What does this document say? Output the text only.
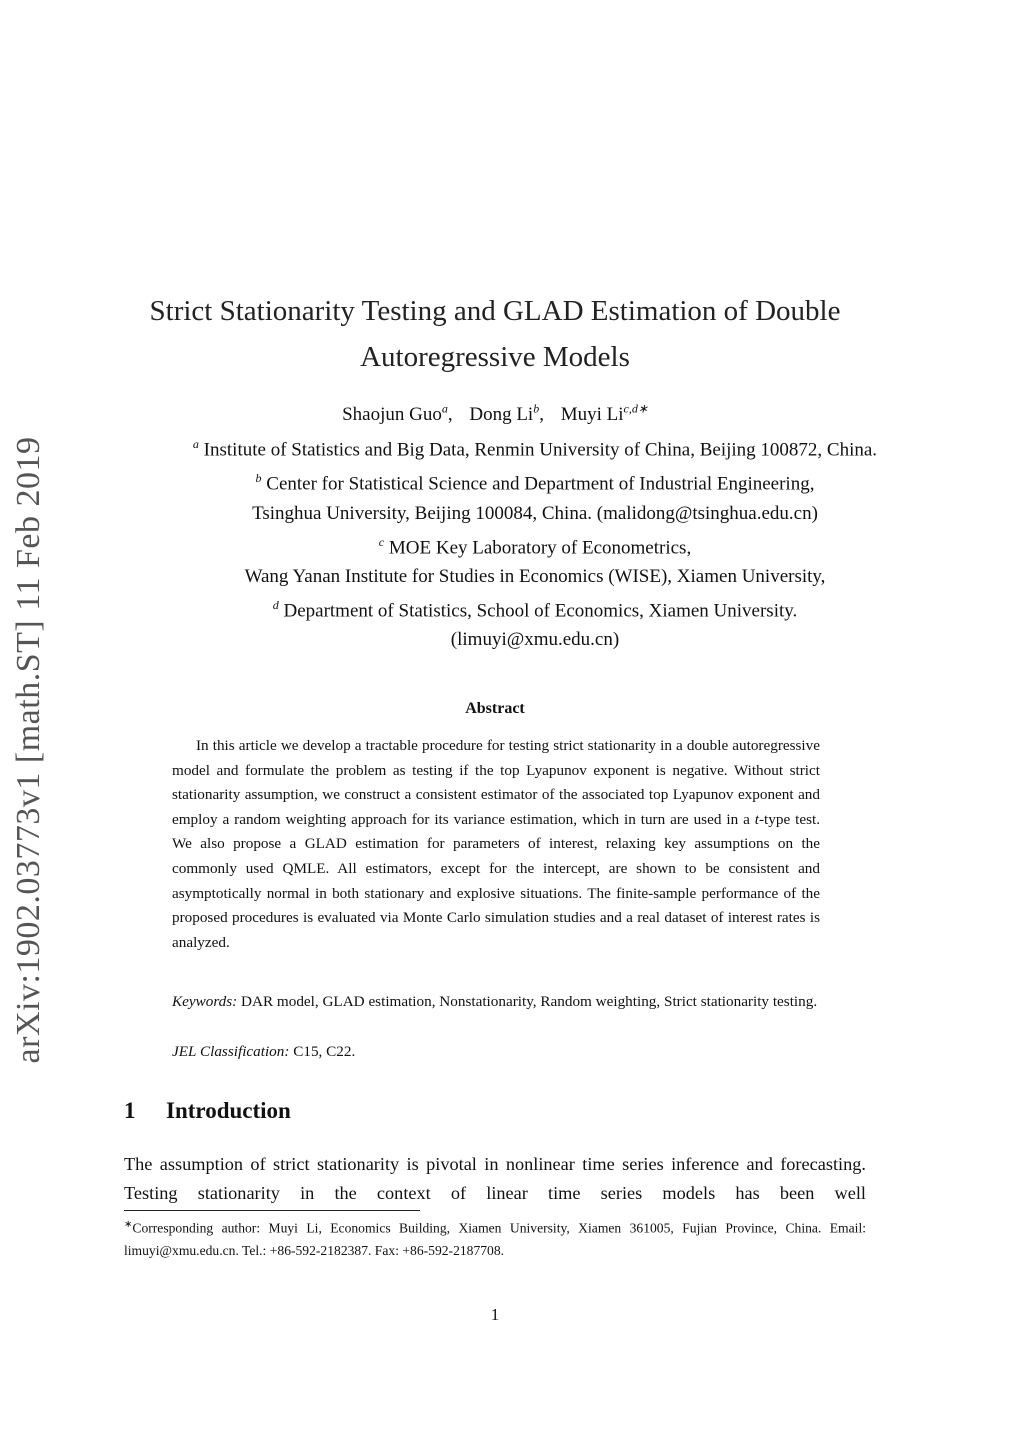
arXiv:1902.03773v1 [math.ST] 11 Feb 2019
Strict Stationarity Testing and GLAD Estimation of Double
Autoregressive Models
Shaojun Guo$^a$, Dong Li$^b$, Muyi $Li^{c,d∗}$
$^a$ Institute of Statistics and Big Data, Renmin University of China, Beijing 100872, China.
$^b$ Center for Statistical Science and Department of Industrial Engineering,
Tsinghua University, Beijing 100084, China. (malidong@tsinghua.edu.cn)
$^c$ MOE Key Laboratory of Econometrics,
Wang Yanan Institute for Studies in Economics (WISE), Xiamen University,
$^d$ Department of Statistics, School of Economics, Xiamen University.
(limuyi@xmu.edu.cn)
Abstract
In this article we develop a tractable procedure for testing strict stationarity in a double autoregressive model and formulate the problem as testing if the top Lyapunov exponent is negative. Without strict stationarity assumption, we construct a consistent estimator of the associated top Lyapunov exponent and employ a random weighting approach for its variance estimation, which in turn are used in a t-type test. We also propose a GLAD estimation for parameters of interest, relaxing key assumptions on the commonly used QMLE. All estimators, except for the intercept, are shown to be consistent and asymptotically normal in both stationary and explosive situations. The finite-sample performance of the proposed procedures is evaluated via Monte Carlo simulation studies and a real dataset of interest rates is analyzed.
Keywords: DAR model, GLAD estimation, Nonstationarity, Random weighting, Strict stationarity testing.
JEL Classification: C15, C22.
1 Introduction
The assumption of strict stationarity is pivotal in nonlinear time series inference and forecasting. Testing stationarity in the context of linear time series models has been well
∗Corresponding author: Muyi Li, Economics Building, Xiamen University, Xiamen 361005, Fujian Province, China. Email: limuyi@xmu.edu.cn. Tel.: +86-592-2182387. Fax: +86-592-2187708.
1
